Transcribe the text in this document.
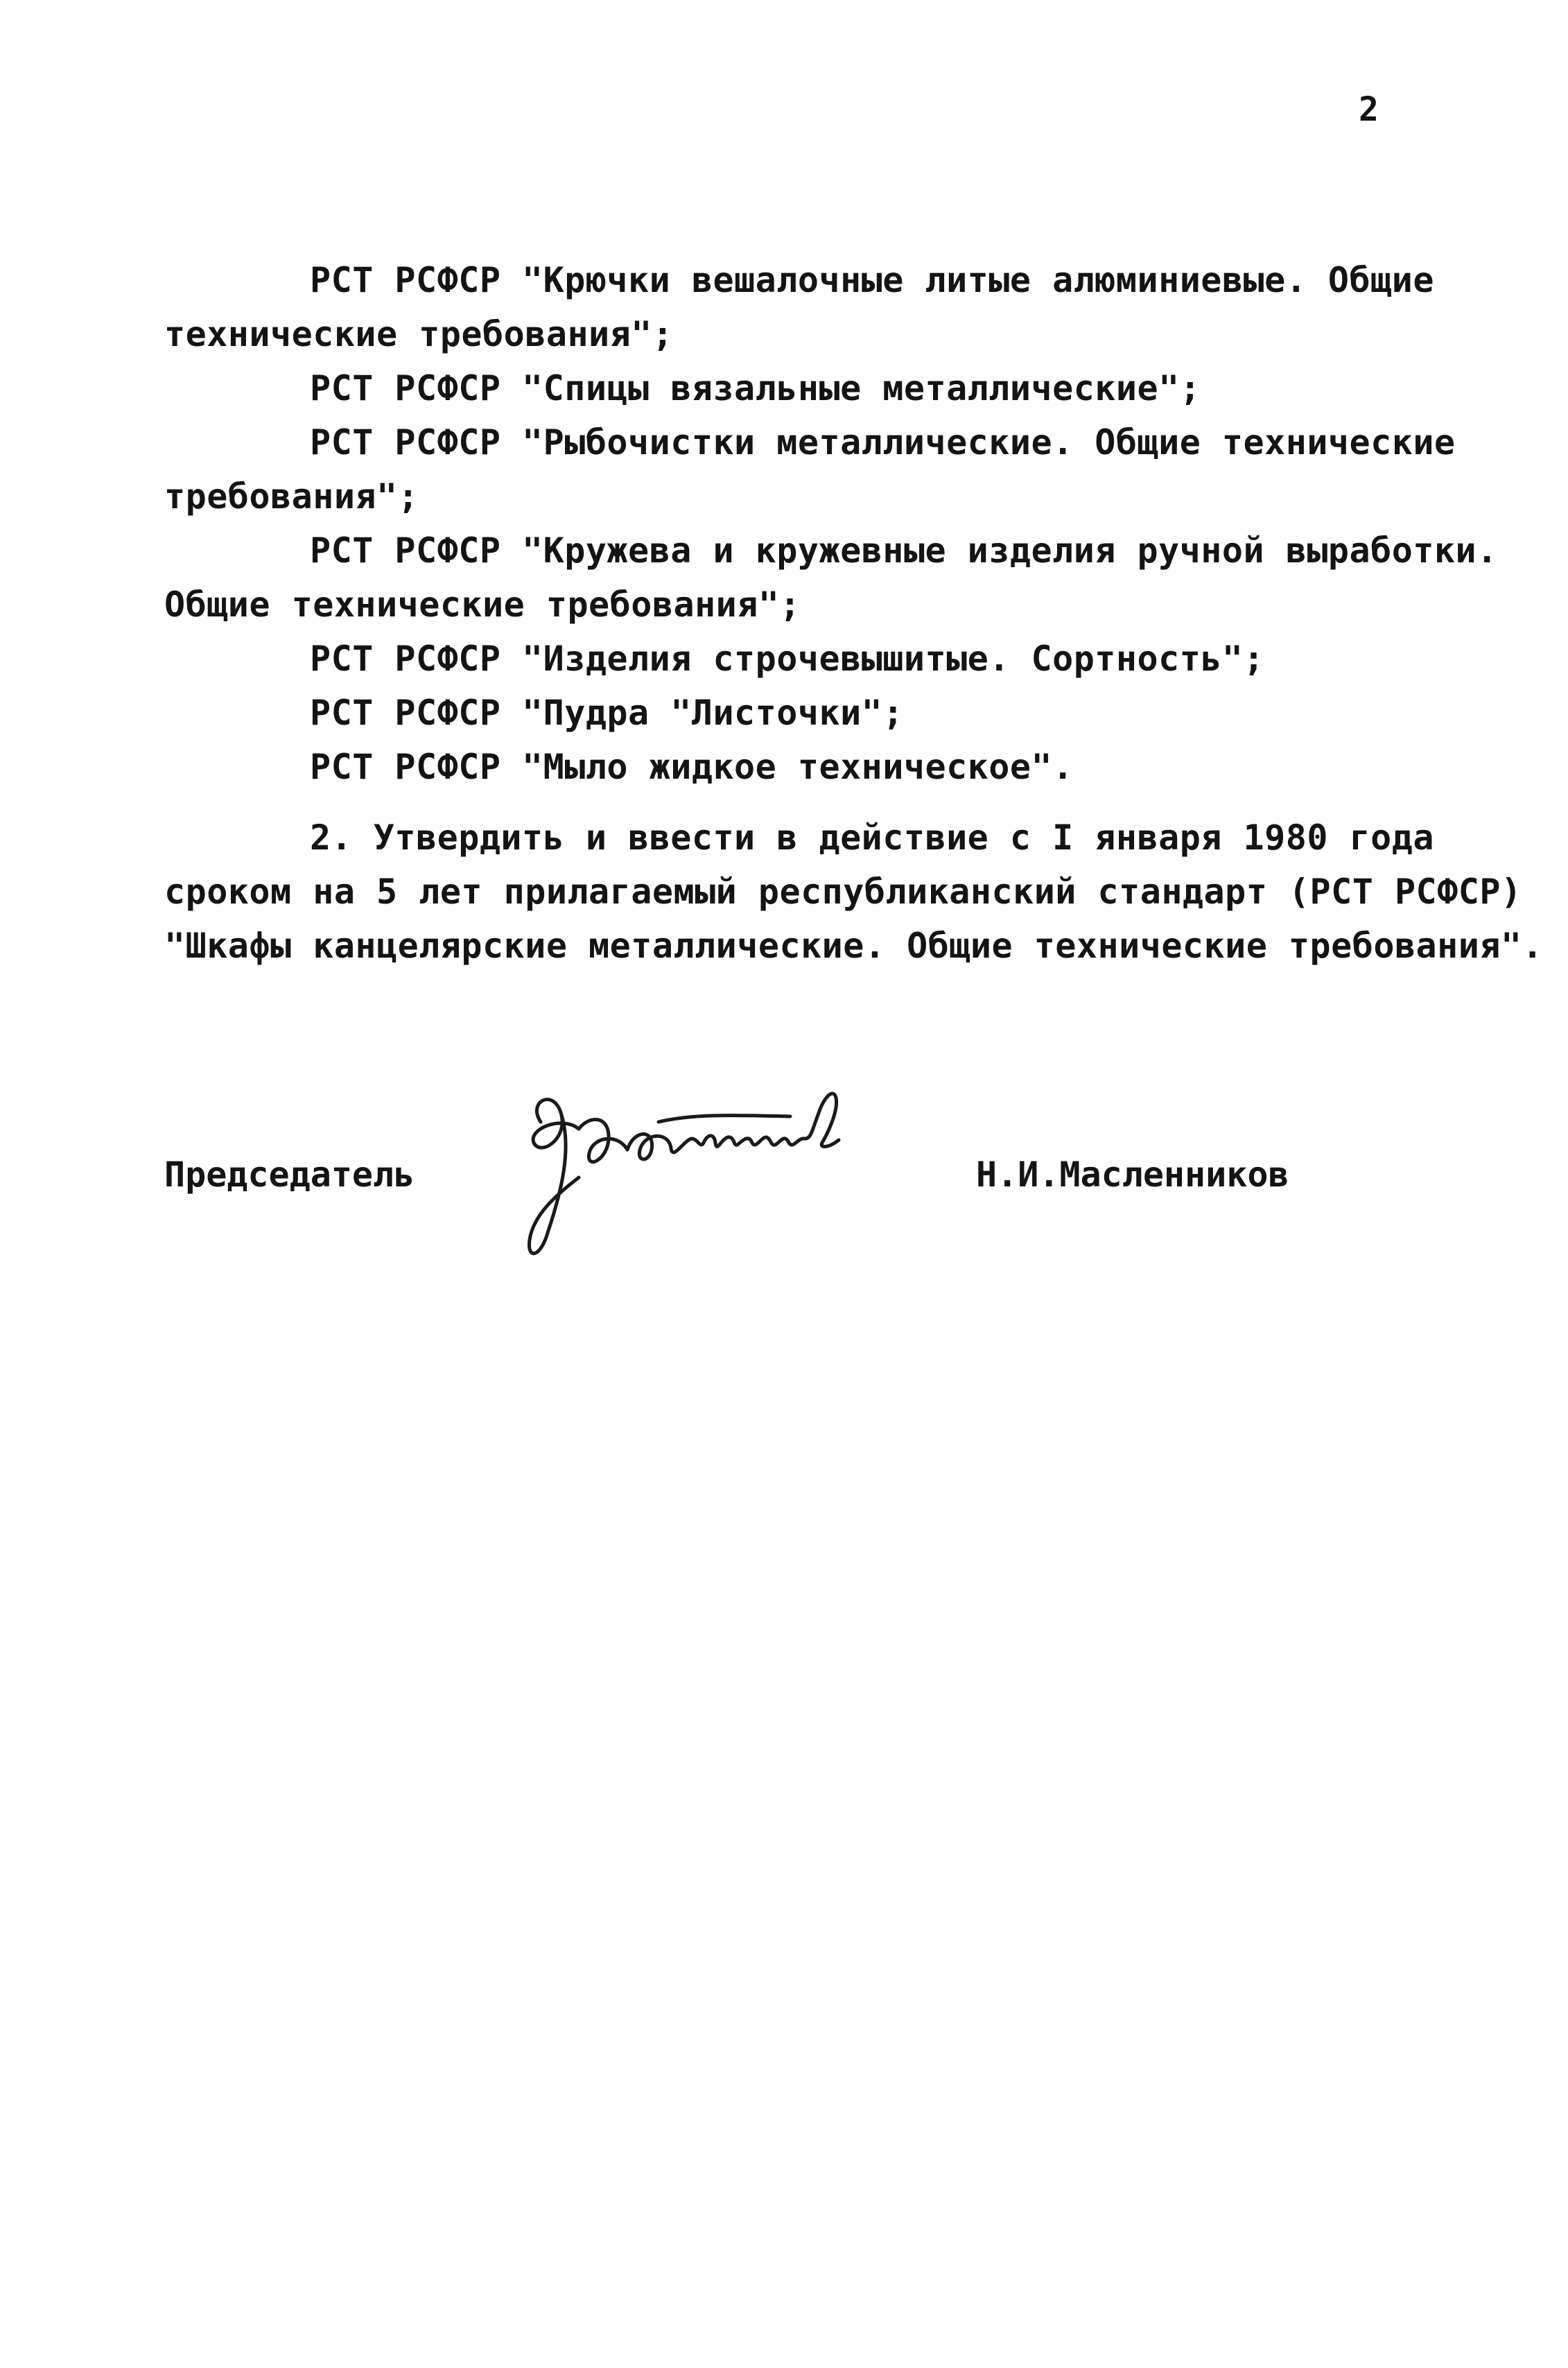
2
РСТ РСФСР "Крючки вешалочные литые алюминиевые. Общие
технические требования";
РСТ РСФСР "Спицы вязальные металлические";
РСТ РСФСР "Рыбочистки металлические. Общие технические
требования";
РСТ РСФСР "Кружева и кружевные изделия ручной выработки.
Общие технические требования";
РСТ РСФСР "Изделия строчевышитые. Сортность";
РСТ РСФСР "Пудра "Листочки";
РСТ РСФСР "Мыло жидкое техническое".
2. Утвердить и ввести в действие с I января 1980 года
сроком на 5 лет прилагаемый республиканский стандарт (РСТ РСФСР)
"Шкафы канцелярские металлические. Общие технические требования".
Председатель	Н.И.Масленников
